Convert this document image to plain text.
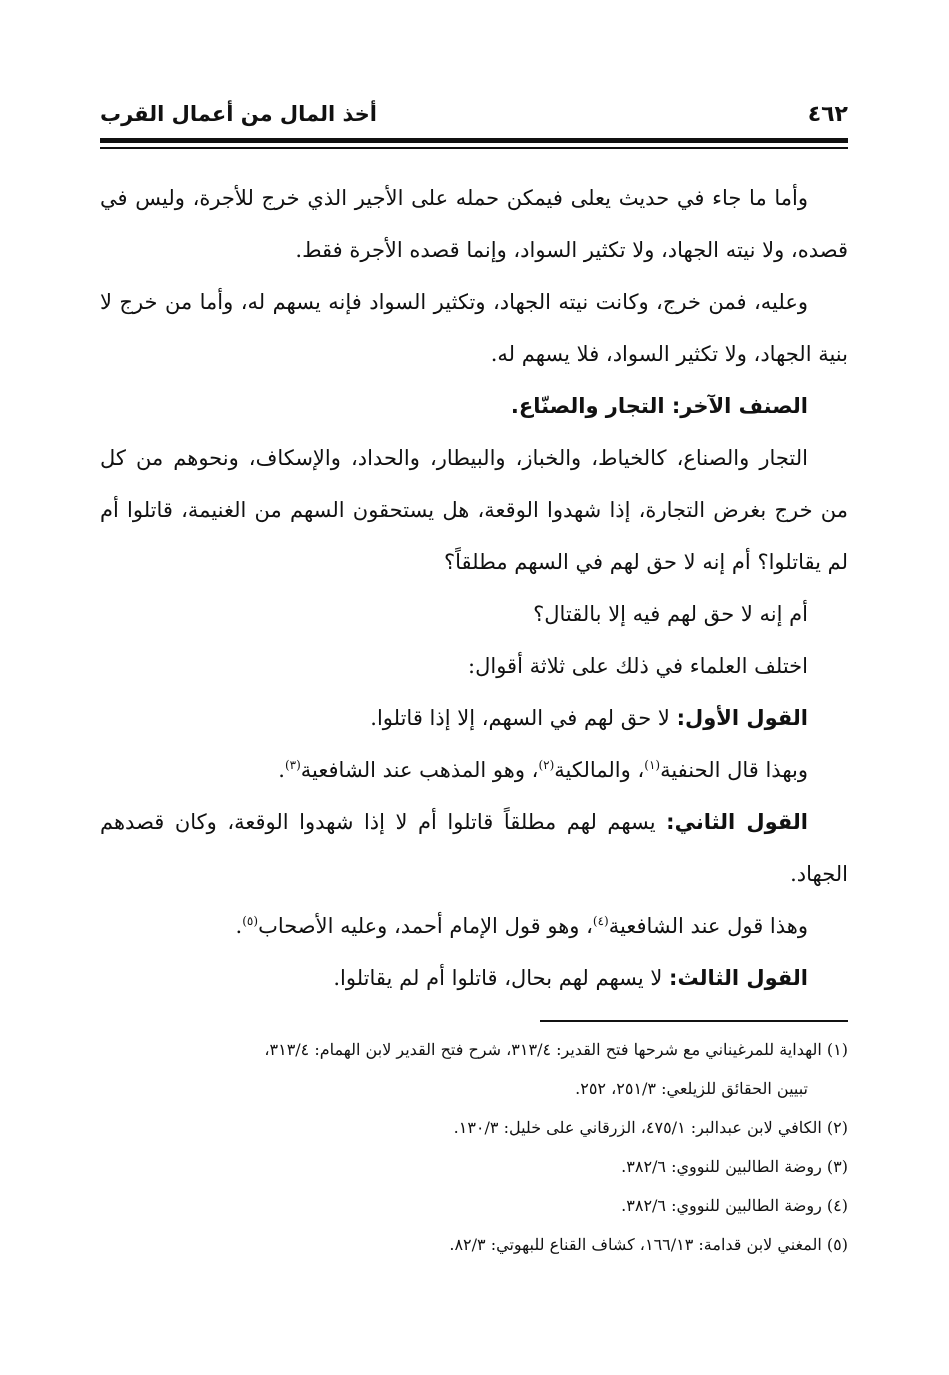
٤٦٢
أخذ المال من أعمال القرب

وأما ما جاء في حديث يعلى فيمكن حمله على الأجير الذي خرج للأجرة، وليس في قصده، ولا نيته الجهاد، ولا تكثير السواد، وإنما قصده الأجرة فقط.

وعليه، فمن خرج، وكانت نيته الجهاد، وتكثير السواد فإنه يسهم له، وأما من خرج لا بنية الجهاد، ولا تكثير السواد، فلا يسهم له.

الصنف الآخر: التجار والصنّاع.

التجار والصناع، كالخياط، والخباز، والبيطار، والحداد، والإسكاف، ونحوهم من كل من خرج بغرض التجارة، إذا شهدوا الوقعة، هل يستحقون السهم من الغنيمة، قاتلوا أم لم يقاتلوا؟ أم إنه لا حق لهم في السهم مطلقاً؟

أم إنه لا حق لهم فيه إلا بالقتال؟

اختلف العلماء في ذلك على ثلاثة أقوال:

القول الأول: لا حق لهم في السهم، إلا إذا قاتلوا.

وبهذا قال الحنفية$^{(١)}$، والمالكية$^{(٢)}$، وهو المذهب عند الشافعية$^{(٣)}$.

القول الثاني: يسهم لهم مطلقاً قاتلوا أم لا إذا شهدوا الوقعة، وكان قصدهم الجهاد.

وهذا قول عند الشافعية$^{(٤)}$، وهو قول الإمام أحمد، وعليه الأصحاب$^{(٥)}$.

القول الثالث: لا يسهم لهم بحال، قاتلوا أم لم يقاتلوا.

(١) الهداية للمرغيناني مع شرحها فتح القدير: ٣١٣/٤، شرح فتح القدير لابن الهمام: ٣١٣/٤،

تبيين الحقائق للزيلعي: ٢٥١/٣، ٢٥٢.

(٢) الكافي لابن عبدالبر: ٤٧٥/١، الزرقاني على خليل: ١٣٠/٣.

(٣) روضة الطالبين للنووي: ٣٨٢/٦.

(٤) روضة الطالبين للنووي: ٣٨٢/٦.

(٥) المغني لابن قدامة: ١٦٦/١٣، كشاف القناع للبهوتي: ٨٢/٣.
